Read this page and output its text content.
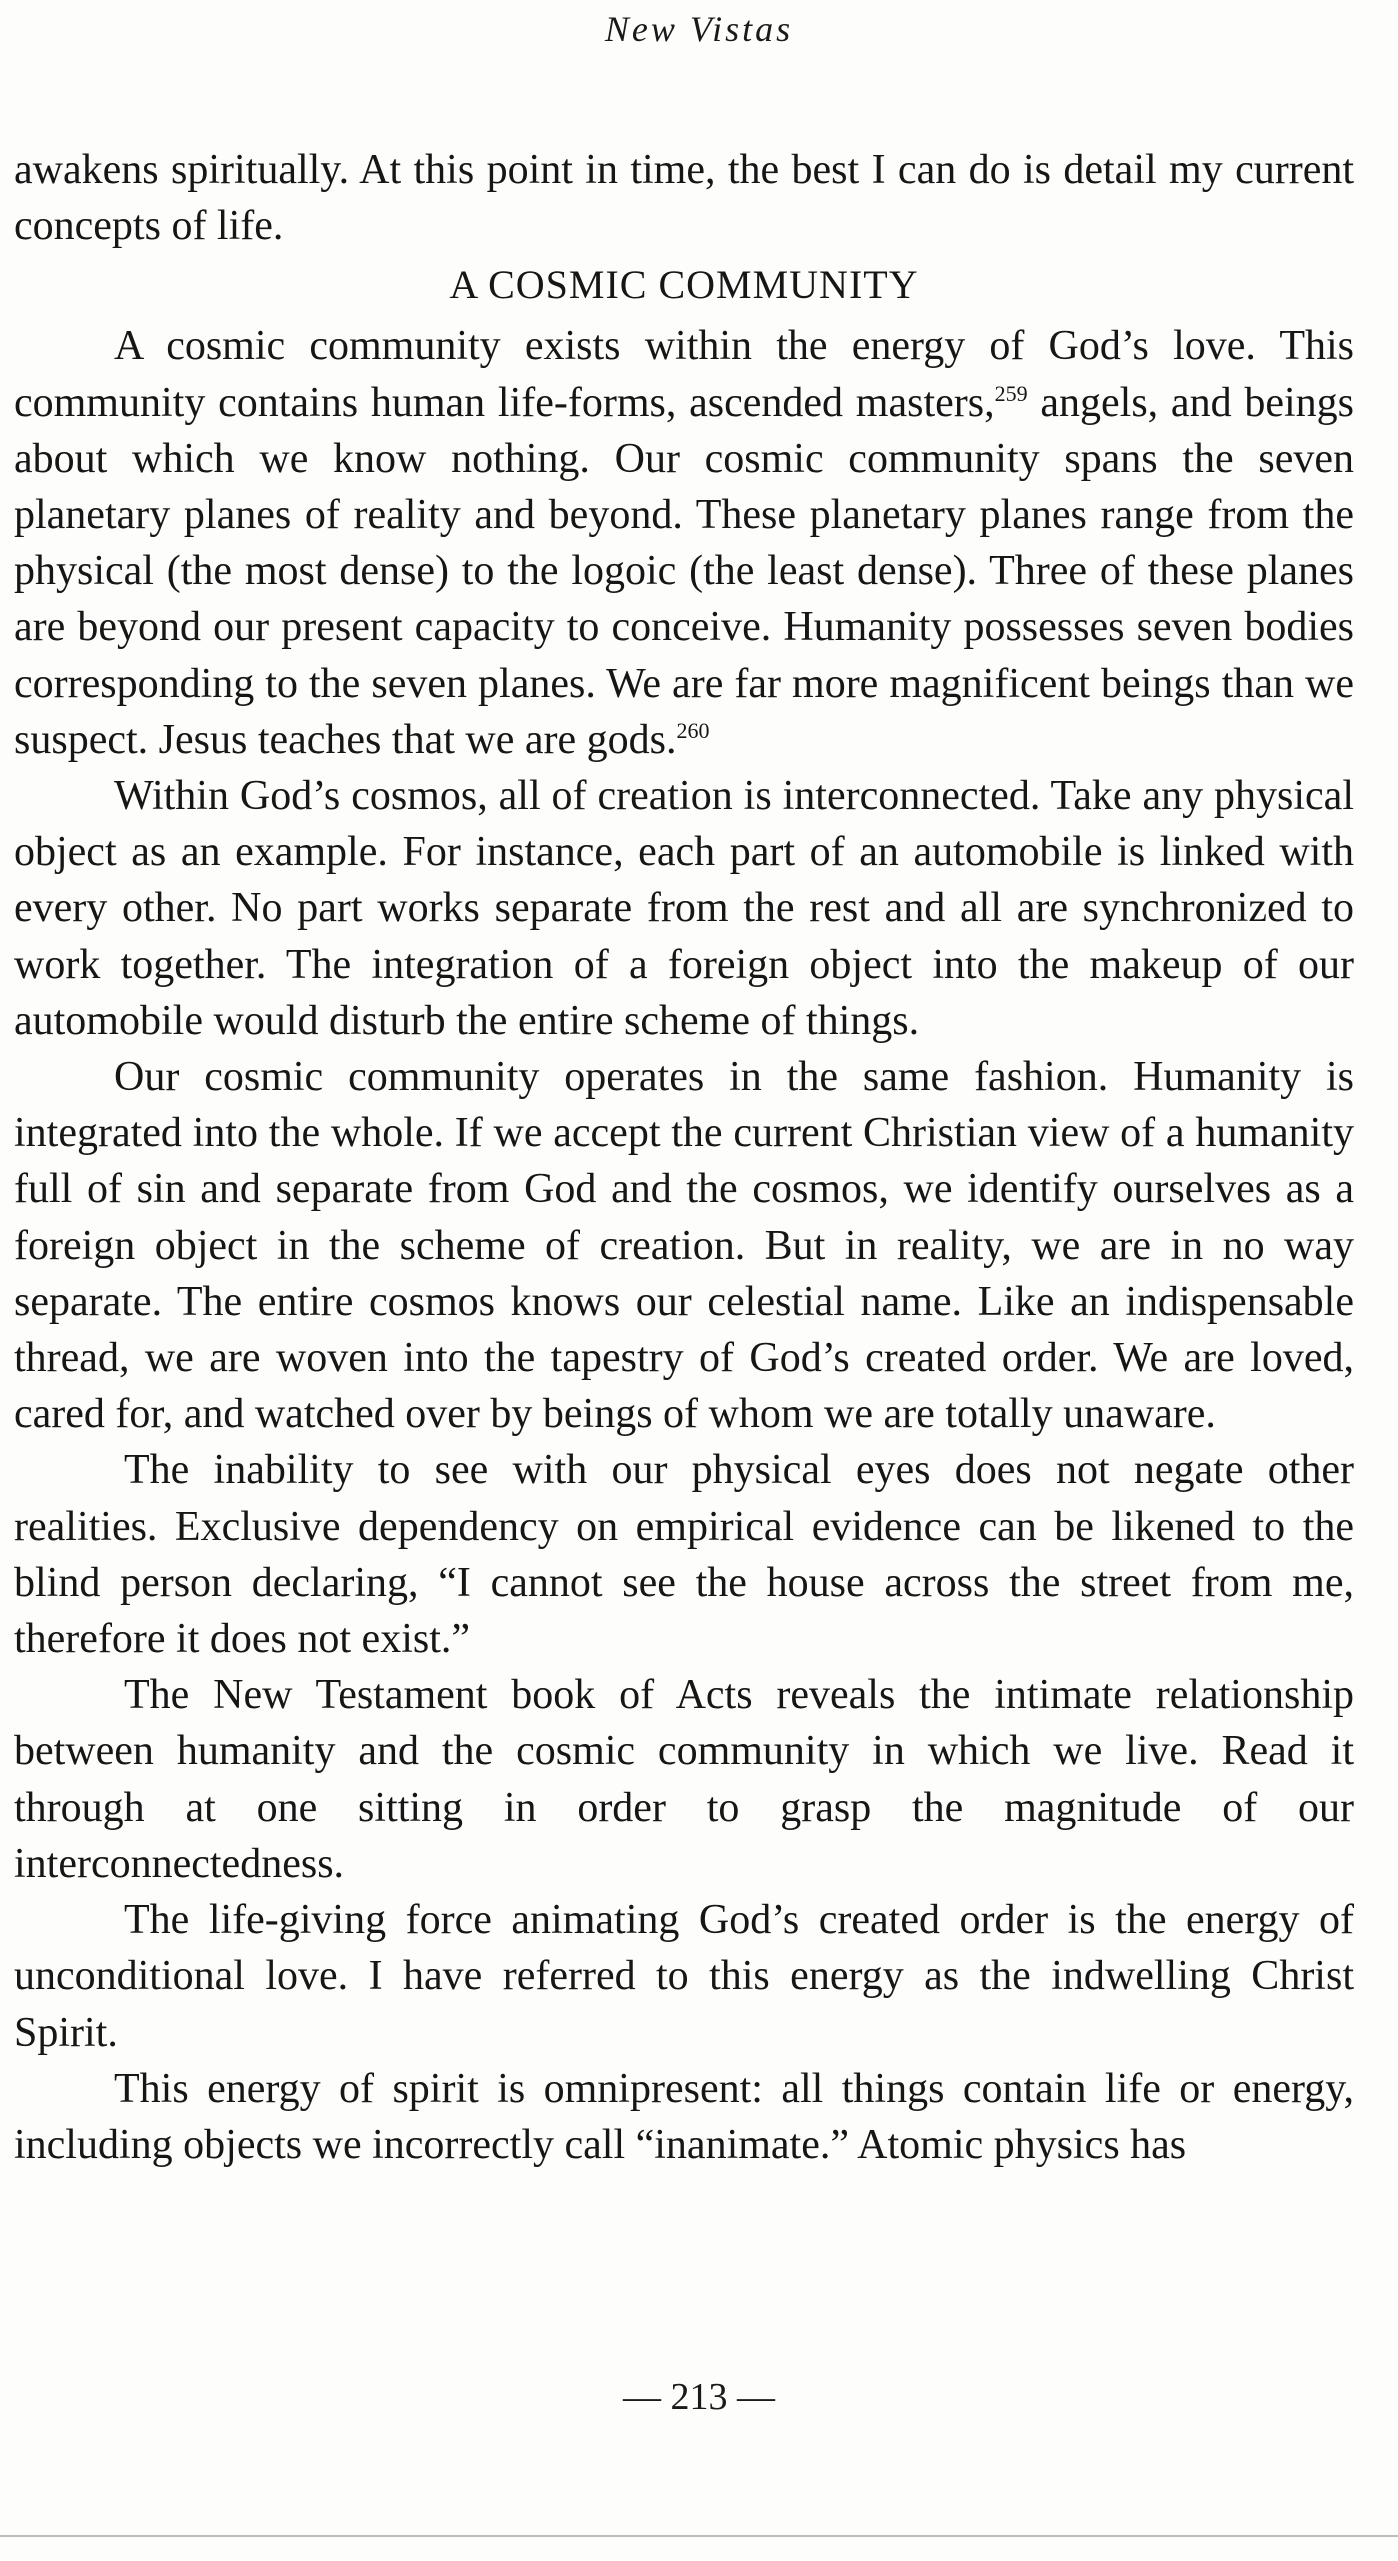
New Vistas

awakens spiritually. At this point in time, the best I can do is detail my current concepts of life.

A COSMIC COMMUNITY

A cosmic community exists within the energy of God’s love. This community contains human life-forms, ascended masters,$^{259}$ angels, and beings about which we know nothing. Our cosmic community spans the seven planetary planes of reality and beyond. These planetary planes range from the physical (the most dense) to the logoic (the least dense). Three of these planes are beyond our present capacity to conceive. Humanity possesses seven bodies corresponding to the seven planes. We are far more magnificent beings than we suspect. Jesus teaches that we are gods.$^{260}$

Within God’s cosmos, all of creation is interconnected. Take any physical object as an example. For instance, each part of an automobile is linked with every other. No part works separate from the rest and all are synchronized to work together. The integration of a foreign object into the makeup of our automobile would disturb the entire scheme of things.

Our cosmic community operates in the same fashion. Humanity is integrated into the whole. If we accept the current Christian view of a humanity full of sin and separate from God and the cosmos, we identify ourselves as a foreign object in the scheme of creation. But in reality, we are in no way separate. The entire cosmos knows our celestial name. Like an indispensable thread, we are woven into the tapestry of God’s created order. We are loved, cared for, and watched over by beings of whom we are totally unaware.

The inability to see with our physical eyes does not negate other realities. Exclusive dependency on empirical evidence can be likened to the blind person declaring, “I cannot see the house across the street from me, therefore it does not exist.”

The New Testament book of Acts reveals the intimate relationship between humanity and the cosmic community in which we live. Read it through at one sitting in order to grasp the magnitude of our interconnectedness.

The life-giving force animating God’s created order is the energy of unconditional love. I have referred to this energy as the indwelling Christ Spirit.

This energy of spirit is omnipresent: all things contain life or energy, including objects we incorrectly call “inanimate.” Atomic physics has

— 213 —
